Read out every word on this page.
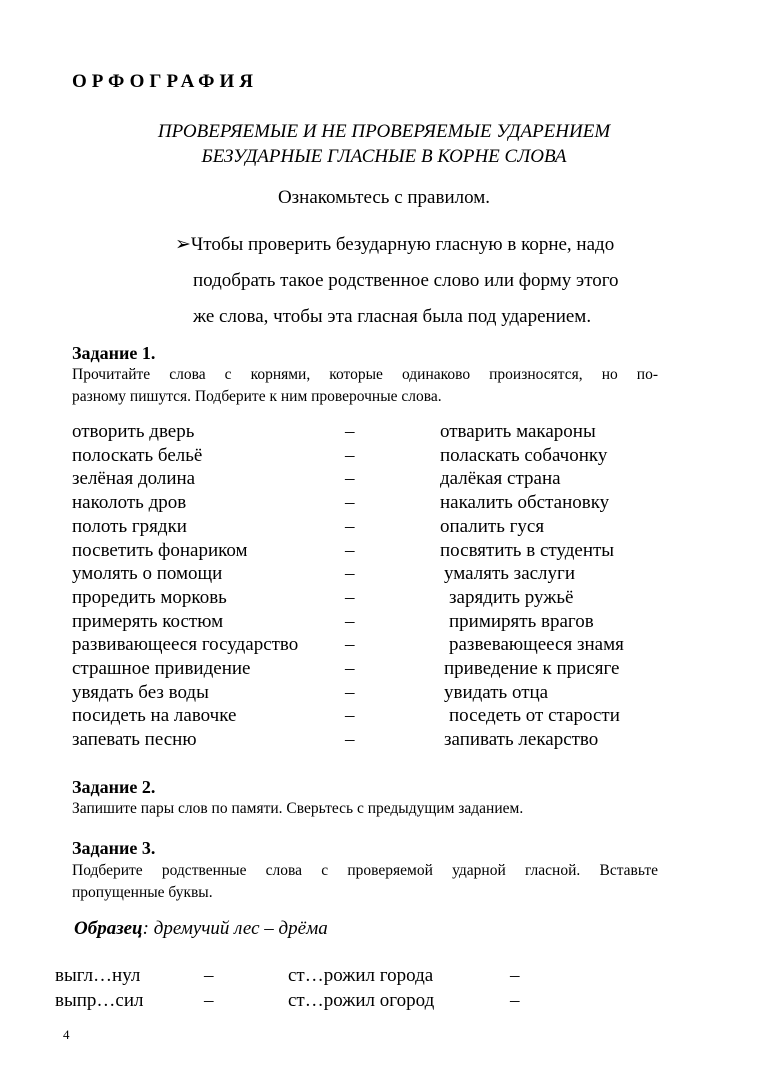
ОРФОГРАФИЯ
ПРОВЕРЯЕМЫЕ И НЕ ПРОВЕРЯЕМЫЕ УДАРЕНИЕМ
БЕЗУДАРНЫЕ ГЛАСНЫЕ В КОРНЕ СЛОВА
Ознакомьтесь с правилом.
➢Чтобы проверить безударную гласную в корне, надо
подобрать такое родственное слово или форму этого
же слова, чтобы эта гласная была под ударением.
Задание 1.
Прочитайте слова с корнями, которые одинаково произносятся, но по-
разному пишутся. Подберите к ним проверочные слова.
отворить дверь	–	отварить макароны
полоскать бельё	–	поласкать собачонку
зелёная долина	–	далёкая страна
наколоть дров	–	накалить обстановку
полоть грядки	–	опалить гуся
посветить фонариком	–	посвятить в студенты
умолять о помощи	–	умалять заслуги
проредить морковь	–	зарядить ружьё
примерять костюм	–	примирять врагов
развивающееся государство –	развевающееся знамя
страшное привидение	–	приведение к присяге
увядать без воды	–	увидать отца
посидеть на лавочке	–	поседеть от старости
запевать песню	–	запивать лекарство
Задание 2.
Запишите пары слов по памяти. Сверьтесь с предыдущим заданием.
Задание 3.
Подберите родственные слова с проверяемой ударной гласной. Вставьте
пропущенные буквы.
Образец: дремучий лес – дрёма
выгл…нул	–	ст…рожил города	–
выпр…сил	–	ст…рожил огород	–
4
